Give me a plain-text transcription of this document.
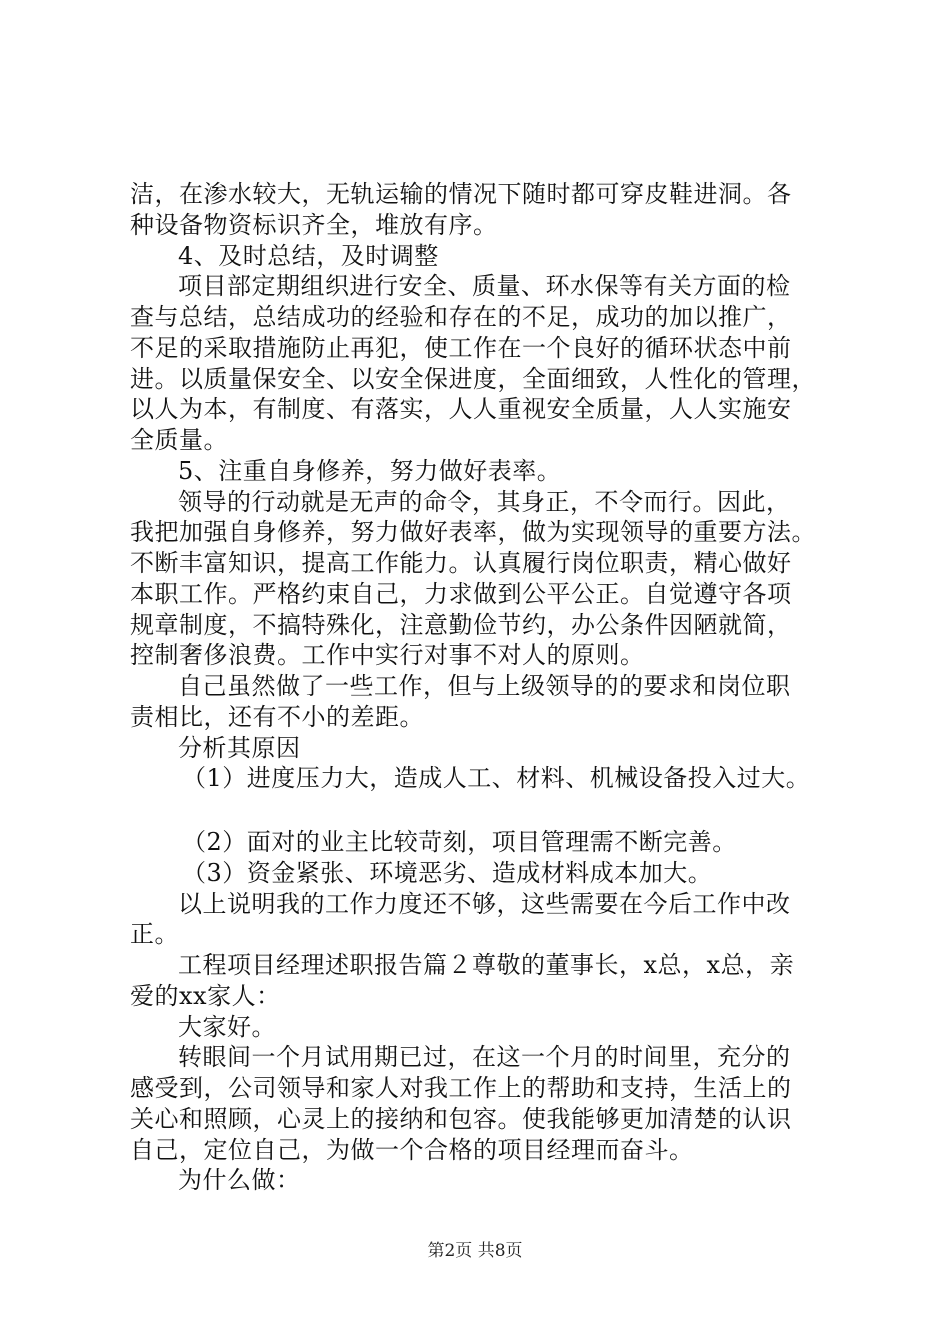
洁，在渗水较大，无轨运输的情况下随时都可穿皮鞋进洞。各
种设备物资标识齐全，堆放有序。
4、及时总结，及时调整
项目部定期组织进行安全、质量、环水保等有关方面的检
查与总结，总结成功的经验和存在的不足，成功的加以推广，
不足的采取措施防止再犯，使工作在一个良好的循环状态中前
进。以质量保安全、以安全保进度，全面细致，人性化的管理，
以人为本，有制度、有落实，人人重视安全质量，人人实施安
全质量。
5、注重自身修养，努力做好表率。
领导的行动就是无声的命令，其身正，不令而行。因此，
我把加强自身修养，努力做好表率，做为实现领导的重要方法。
不断丰富知识，提高工作能力。认真履行岗位职责，精心做好
本职工作。严格约束自己，力求做到公平公正。自觉遵守各项
规章制度，不搞特殊化，注意勤俭节约，办公条件因陋就简，
控制奢侈浪费。工作中实行对事不对人的原则。
自己虽然做了一些工作，但与上级领导的的要求和岗位职
责相比，还有不小的差距。
分析其原因
（1）进度压力大，造成人工、材料、机械设备投入过大。
（2）面对的业主比较苛刻，项目管理需不断完善。
（3）资金紧张、环境恶劣、造成材料成本加大。
以上说明我的工作力度还不够，这些需要在今后工作中改
正。
工程项目经理述职报告篇２尊敬的董事长，x总，x总，亲
爱的xx家人：
大家好。
转眼间一个月试用期已过，在这一个月的时间里，充分的
感受到，公司领导和家人对我工作上的帮助和支持，生活上的
关心和照顾，心灵上的接纳和包容。使我能够更加清楚的认识
自己，定位自己，为做一个合格的项目经理而奋斗。
为什么做：
第2页 共8页
